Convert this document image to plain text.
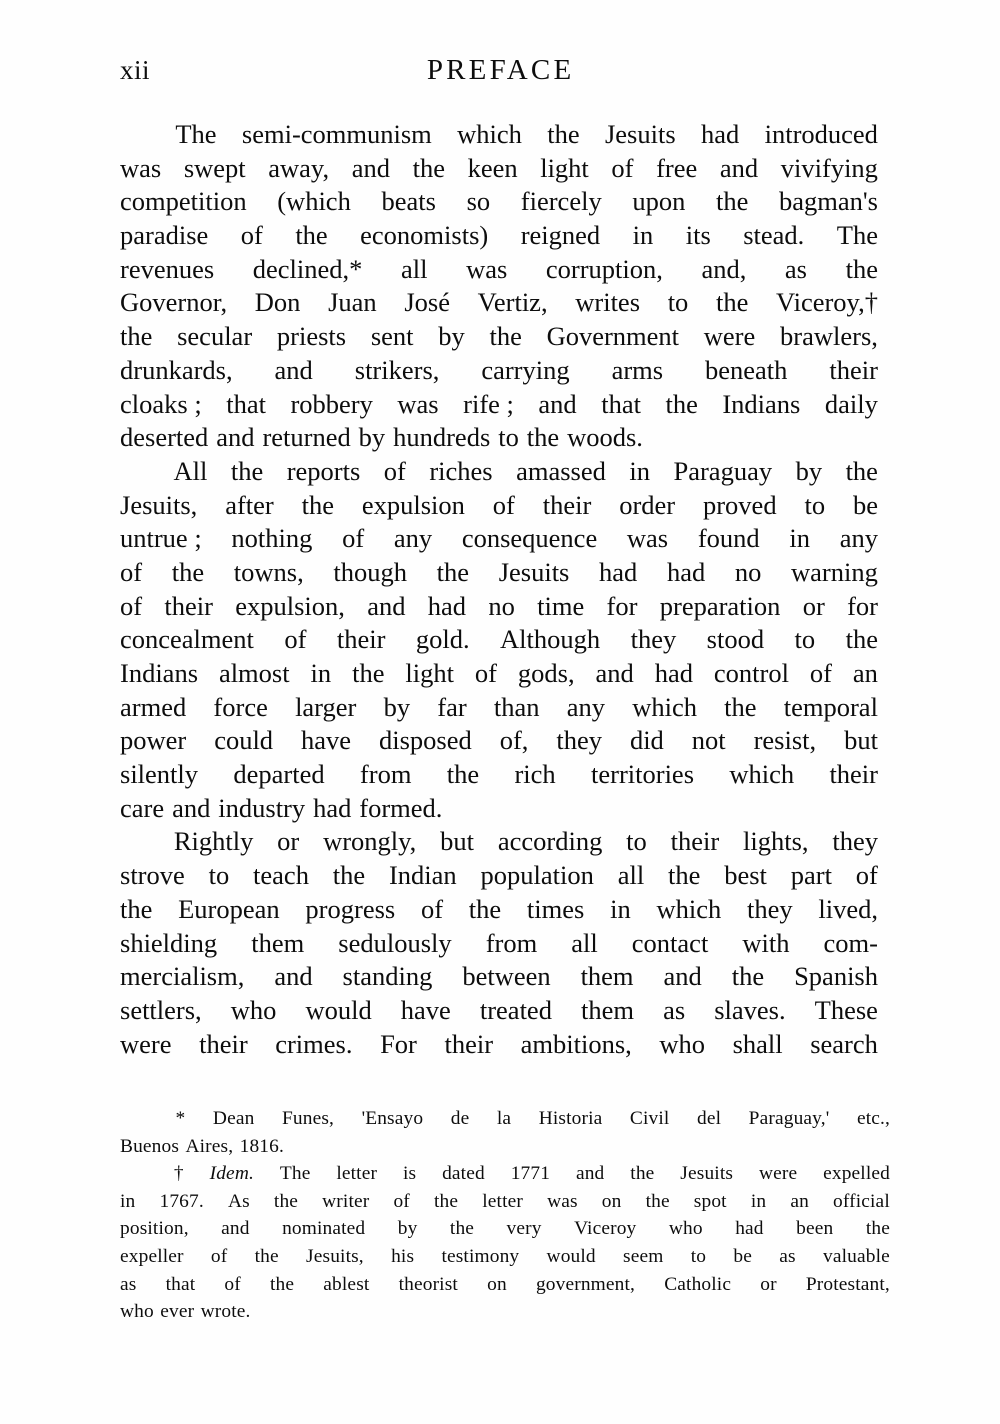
xii	PREFACE
The semi-communism which the Jesuits had introduced
was swept away, and the keen light of free and vivifying
competition (which beats so fiercely upon the bagman's
paradise of the economists) reigned in its stead. The
revenues declined,* all was corruption, and, as the
Governor, Don Juan José Vertiz, writes to the Viceroy,†
the secular priests sent by the Government were brawlers,
drunkards, and strikers, carrying arms beneath their
cloaks ; that robbery was rife ; and that the Indians daily
deserted and returned by hundreds to the woods.
All the reports of riches amassed in Paraguay by the
Jesuits, after the expulsion of their order proved to be
untrue ; nothing of any consequence was found in any
of the towns, though the Jesuits had had no warning
of their expulsion, and had no time for preparation or for
concealment of their gold. Although they stood to the
Indians almost in the light of gods, and had control of an
armed force larger by far than any which the temporal
power could have disposed of, they did not resist, but
silently departed from the rich territories which their
care and industry had formed.
Rightly or wrongly, but according to their lights, they
strove to teach the Indian population all the best part of
the European progress of the times in which they lived,
shielding them sedulously from all contact with com-
mercialism, and standing between them and the Spanish
settlers, who would have treated them as slaves. These
were their crimes. For their ambitions, who shall search
* Dean Funes, 'Ensayo de la Historia Civil del Paraguay,' etc.,
Buenos Aires, 1816.
† Idem. The letter is dated 1771 and the Jesuits were expelled
in 1767. As the writer of the letter was on the spot in an official
position, and nominated by the very Viceroy who had been the
expeller of the Jesuits, his testimony would seem to be as valuable
as that of the ablest theorist on government, Catholic or Protestant,
who ever wrote.
